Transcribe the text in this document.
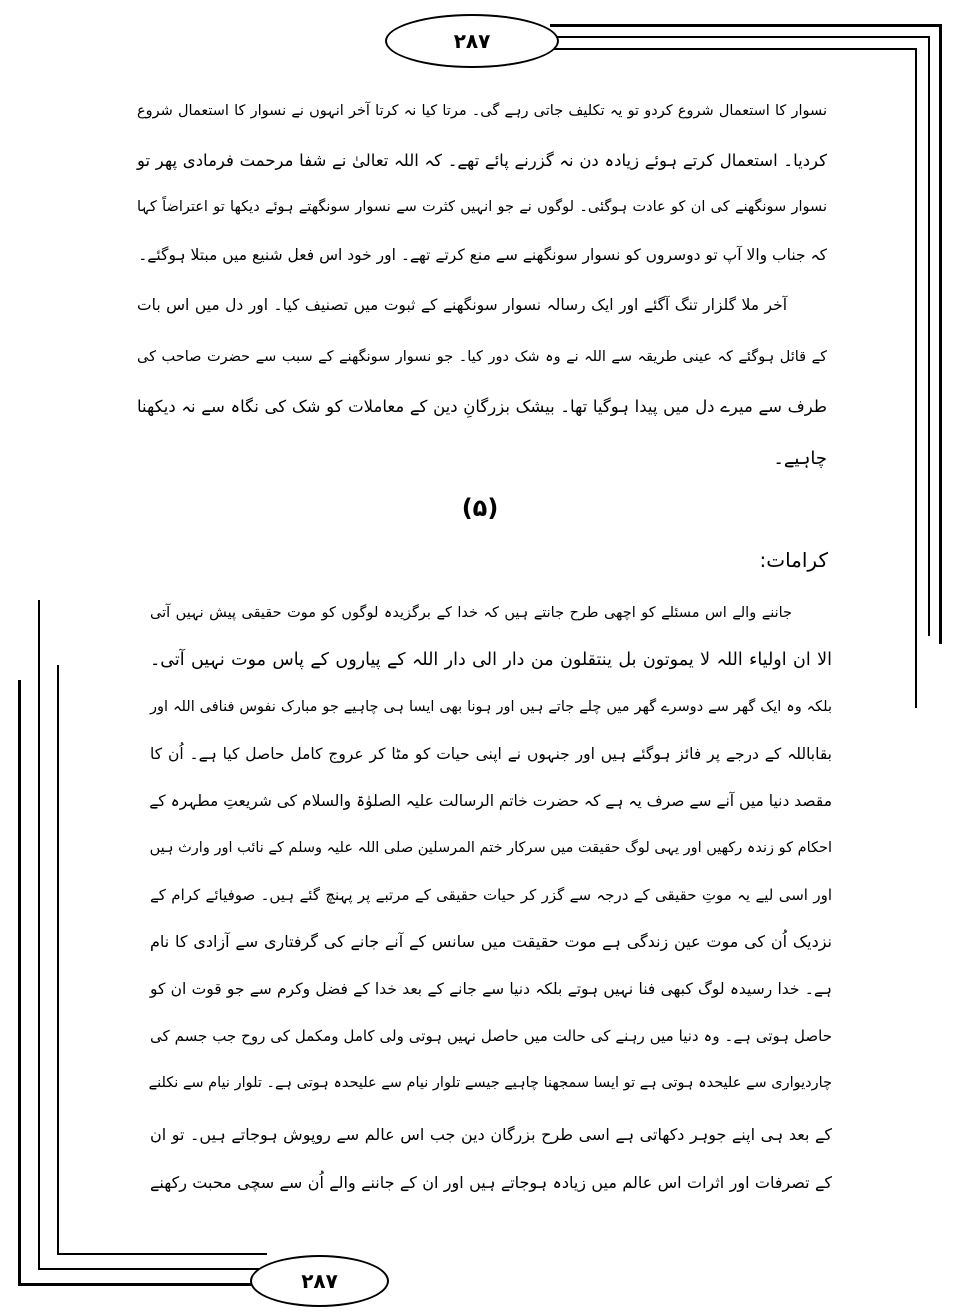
۲۸۷
۲۸۷
نسوار کا استعمال شروع کردو تو یہ تکلیف جاتی رہے گی۔ مرتا کیا نہ کرتا آخر انہوں نے نسوار کا استعمال شروع
کردیا۔ استعمال کرتے ہوئے زیادہ دن نہ گزرنے پائے تھے۔ کہ اللہ تعالیٰ نے شفا مرحمت فرمادی پھر تو
نسوار سونگھنے کی ان کو عادت ہوگئی۔ لوگوں نے جو انہیں کثرت سے نسوار سونگھتے ہوئے دیکھا تو اعتراضاً کہا
کہ جناب والا آپ تو دوسروں کو نسوار سونگھنے سے منع کرتے تھے۔ اور خود اس فعل شنیع میں مبتلا ہوگئے۔
آخر ملا گلزار تنگ آگئے اور ایک رسالہ نسوار سونگھنے کے ثبوت میں تصنیف کیا۔ اور دل میں اس بات
کے قائل ہوگئے کہ عینی طریقہ سے اللہ نے وہ شک دور کیا۔ جو نسوار سونگھنے کے سبب سے حضرت صاحب کی
طرف سے میرے دل میں پیدا ہوگیا تھا۔ بیشک بزرگانِ دین کے معاملات کو شک کی نگاہ سے نہ دیکھنا
چاہیے۔
(۵)
کرامات:
جاننے والے اس مسئلے کو اچھی طرح جانتے ہیں کہ خدا کے برگزیدہ لوگوں کو موت حقیقی پیش نہیں آتی
الا ان اولیاء اللہ لا یموتون بل ینتقلون من دار الی دار اللہ کے پیاروں کے پاس موت نہیں آتی۔
بلکہ وہ ایک گھر سے دوسرے گھر میں چلے جاتے ہیں اور ہونا بھی ایسا ہی چاہیے جو مبارک نفوس فنافی اللہ اور
بقاباللہ کے درجے پر فائز ہوگئے ہیں اور جنہوں نے اپنی حیات کو مٹا کر عروج کامل حاصل کیا ہے۔ اُن کا
مقصد دنیا میں آنے سے صرف یہ ہے کہ حضرت خاتم الرسالت علیہ الصلوٰۃ والسلام کی شریعتِ مطہرہ کے
احکام کو زندہ رکھیں اور یہی لوگ حقیقت میں سرکار ختم المرسلین صلی اللہ علیہ وسلم کے نائب اور وارث ہیں
اور اسی لیے یہ موتِ حقیقی کے درجہ سے گزر کر حیات حقیقی کے مرتبے پر پہنچ گئے ہیں۔ صوفیائے کرام کے
نزدیک اُن کی موت عین زندگی ہے موت حقیقت میں سانس کے آنے جانے کی گرفتاری سے آزادی کا نام
ہے۔ خدا رسیدہ لوگ کبھی فنا نہیں ہوتے بلکہ دنیا سے جانے کے بعد خدا کے فضل وکرم سے جو قوت ان کو
حاصل ہوتی ہے۔ وہ دنیا میں رہنے کی حالت میں حاصل نہیں ہوتی ولی کامل ومکمل کی روح جب جسم کی
چاردیواری سے علیحدہ ہوتی ہے تو ایسا سمجھنا چاہیے جیسے تلوار نیام سے علیحدہ ہوتی ہے۔ تلوار نیام سے نکلنے
کے بعد ہی اپنے جوہر دکھاتی ہے اسی طرح بزرگان دین جب اس عالم سے روپوش ہوجاتے ہیں۔ تو ان
کے تصرفات اور اثرات اس عالم میں زیادہ ہوجاتے ہیں اور ان کے جاننے والے اُن سے سچی محبت رکھنے
